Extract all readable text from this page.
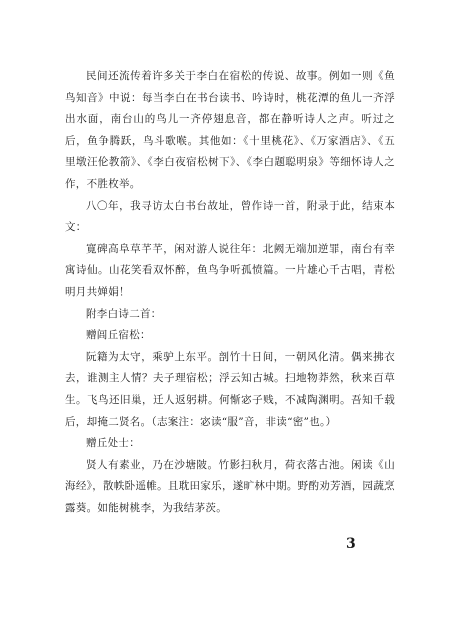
民间还流传着许多关于李白在宿松的传说、故事。例如一则《鱼鸟知音》中说：每当李白在书台读书、吟诗时，桃花潭的鱼儿一齐浮出水面，南台山的鸟儿一齐停翅息音，都在静听诗人之声。听过之后，鱼争腾跃，鸟斗歌喉。其他如：《十里桃花》、《万家酒店》、《五里墩汪伦教箭》、《李白夜宿松树下》、《李白题聪明泉》等细怀诗人之作，不胜枚举。

八〇年，我寻访太白书台故址，曾作诗一首，附录于此，结束本文：

寛碑高阜草芊芊，闲对游人说往年：北阙无端加逆罪，南台有幸寓诗仙。山花笑看双怀醉，鱼鸟争听孤愤篇。一片雄心千古唱，青松明月共婵娟！

附李白诗二首：

赠闾丘宿松：

阮籍为太守，乘驴上东平。剖竹十日间，一朝风化清。偶来拂衣去，谁测主人情？夫子理宿松；浮云知古城。扫地物莽然，秋来百草生。飞鸟还旧巢，迁人返躬耕。何惭宓子贱，不减陶渊明。吾知千载后，却掩二贤名。（志案注：宓读“服”音，非读“密”也。）

赠丘处士：

贤人有素业，乃在沙塘陂。竹影扫秋月，荷衣落古池。闲读《山海经》，散帙卧遥帷。且耽田家乐，遂旷林中期。野酌劝芳酒，园蔬烹露葵。如能树桃李，为我结茅茨。

3
